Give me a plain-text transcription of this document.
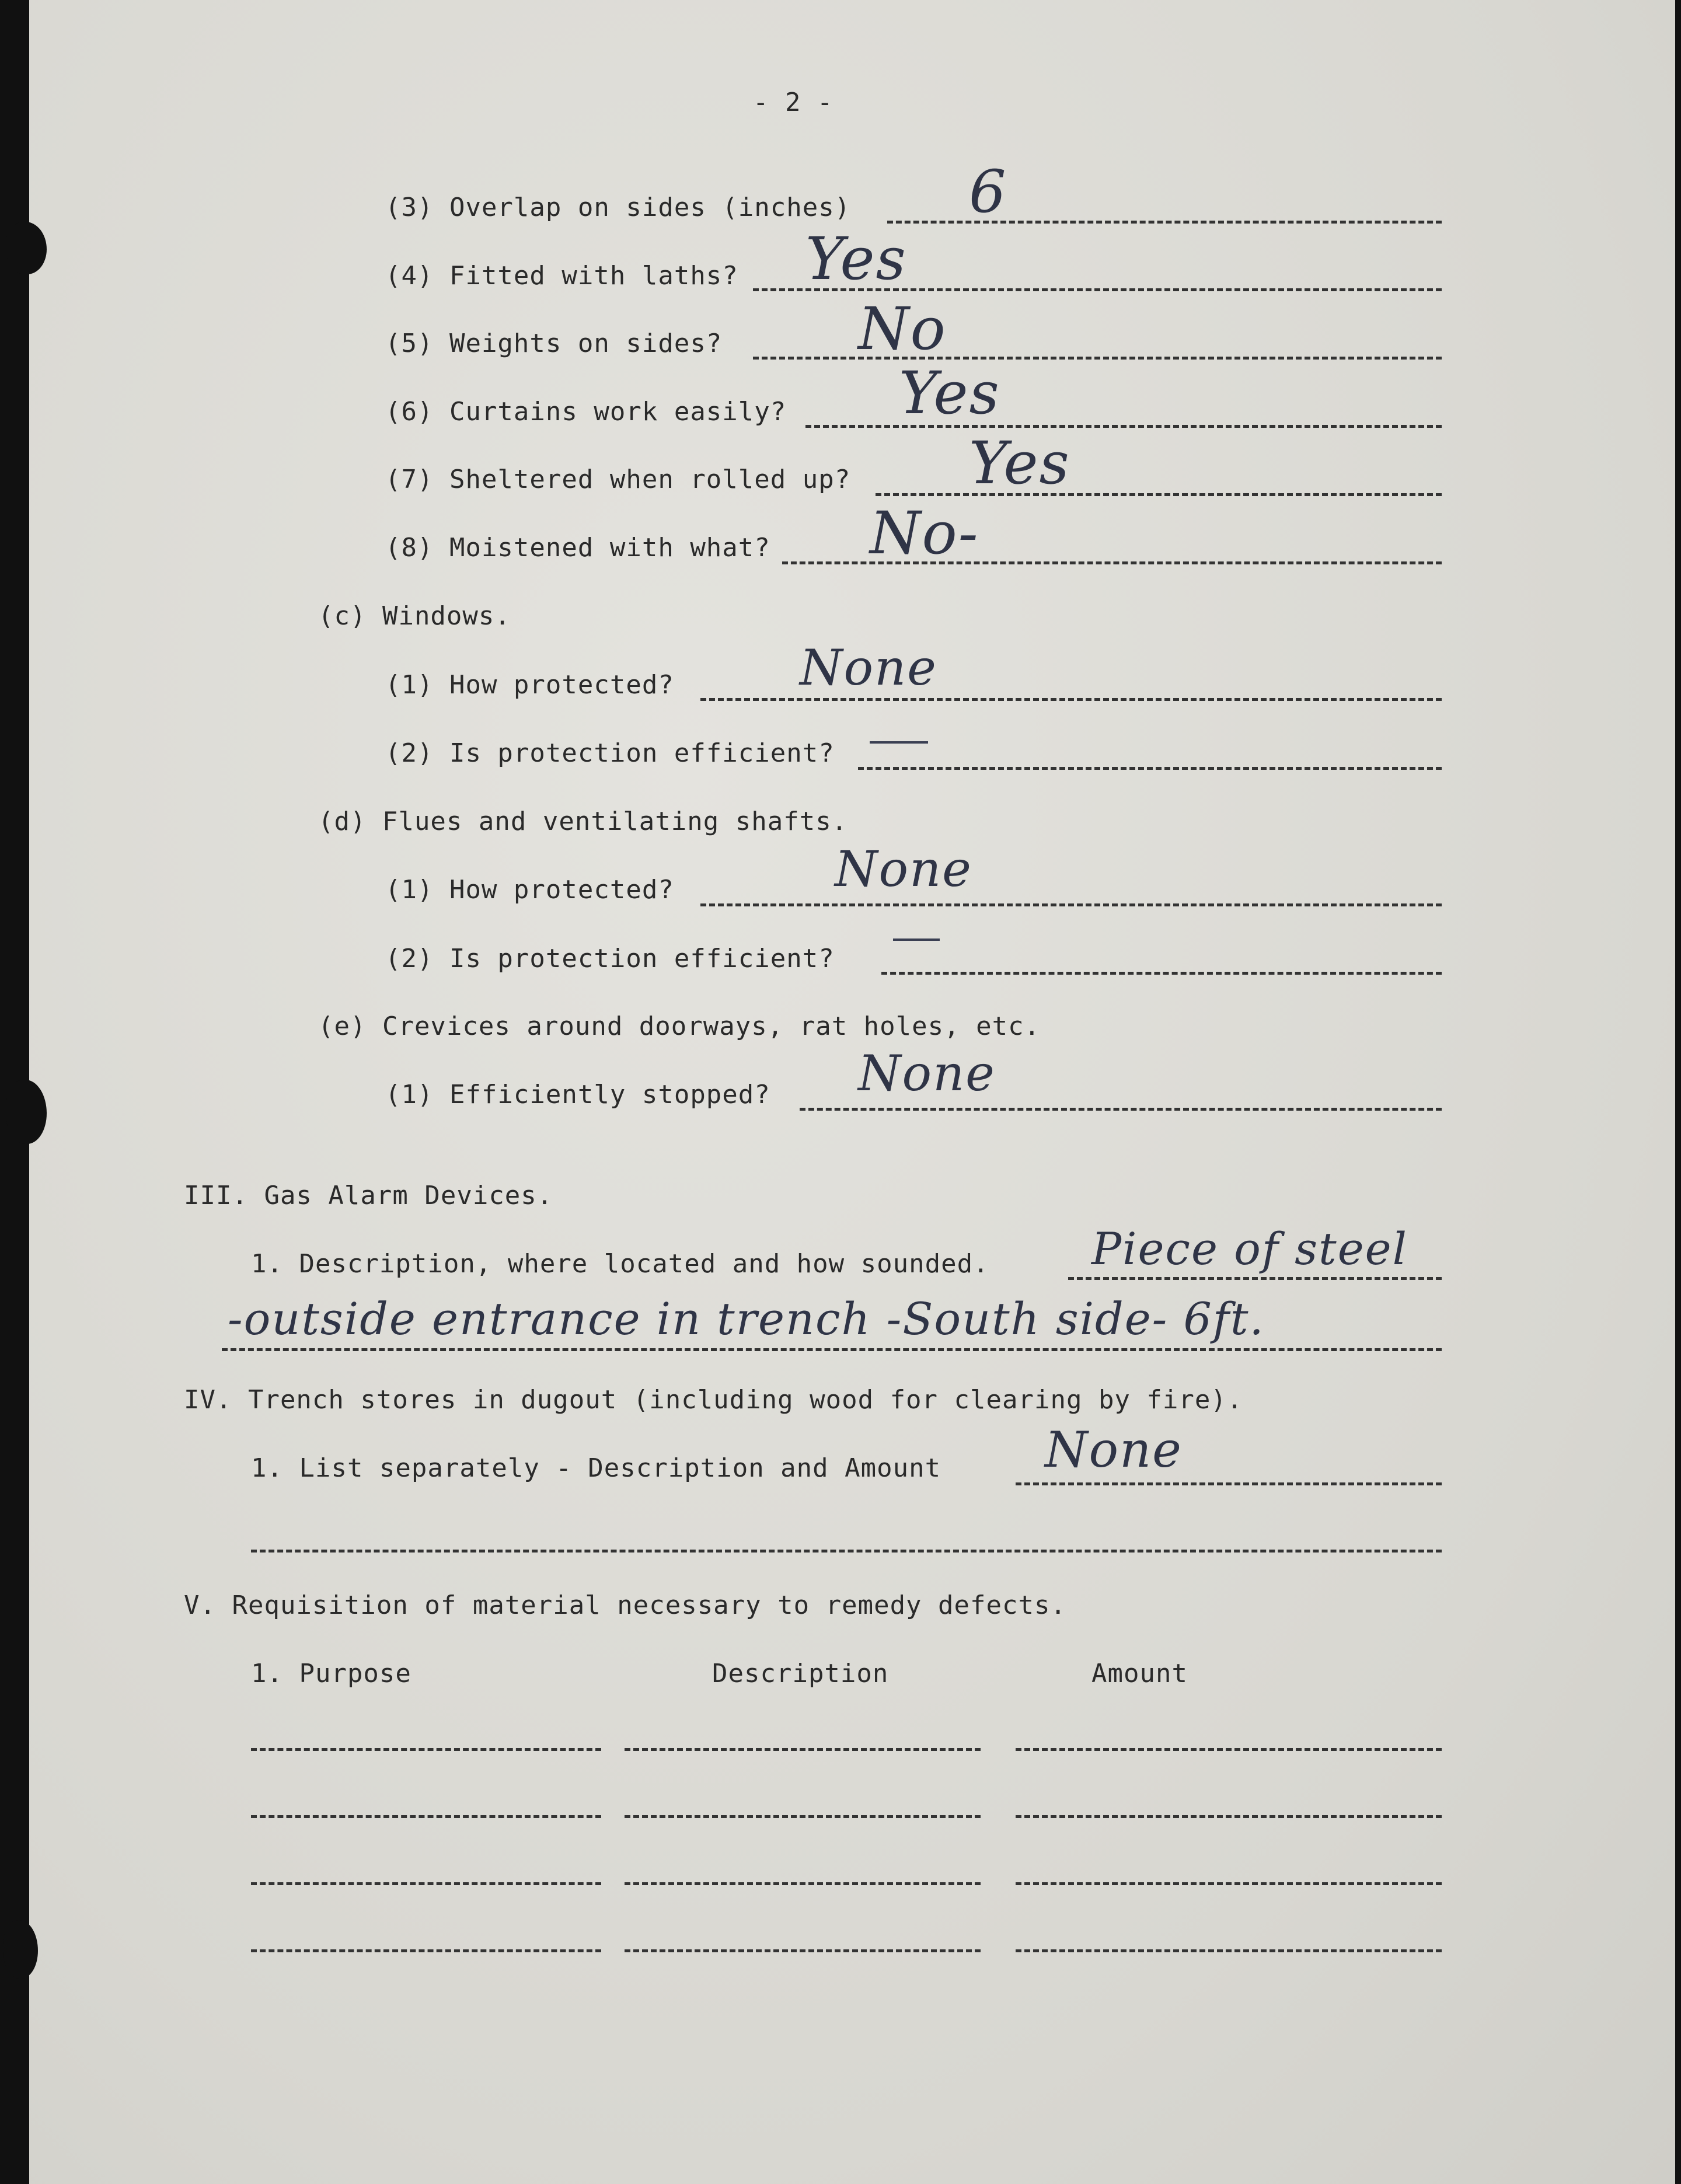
- 2 -
(3) Overlap on sides (inches) 6
(4) Fitted with laths? Yes
(5) Weights on sides? No
(6) Curtains work easily? Yes
(7) Sheltered when rolled up? Yes
(8) Moistened with what? No-
(c) Windows.
(1) How protected?	None
(2) Is protection efficient?
(d) Flues and ventilating shafts.
(1) How protected?	None
(2) Is protection efficient?
(e) Crevices around doorways, rat holes, etc.
(1) Efficiently stopped? None
III. Gas Alarm Devices.
1. Description, where located and how sounded. Piece of steel
-outside entrance in trench -South side- 6ft.
IV. Trench stores in dugout (including wood for clearing by fire).
1. List separately - Description and Amount None
V. Requisition of material necessary to remedy defects.
1. Purpose	Description	Amount
